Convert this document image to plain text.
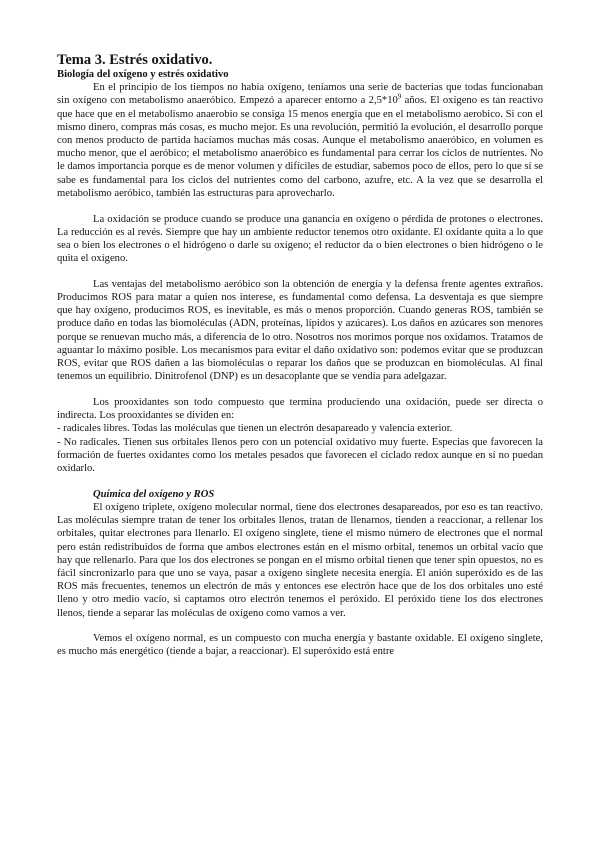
Tema 3. Estrés oxidativo.
Biología del oxígeno y estrés oxidativo

En el principio de los tiempos no había oxígeno, teníamos una serie de bacterias que todas funcionaban sin oxígeno con metabolismo anaeróbico. Empezó a aparecer entorno a $2,5*10^9$ años. El oxígeno es tan reactivo que hace que en el metabolismo anaerobio se consiga 15 menos energía que en el metabolismo aerobico. Si con el mismo dinero, compras más cosas, es mucho mejor. Es una revolución, permitió la evolución, el desarrollo porque con menos producto de partida hacíamos muchas más cosas. Aunque el metabolismo anaeróbico, en volumen es mucho menor, que el aeróbico; el metabolismo anaeróbico es fundamental para cerrar los ciclos de nutrientes. No le damos importancia porque es de menor volumen y difíciles de estudiar, sabemos poco de ellos, pero lo que sí se sabe es fundamental para los ciclos del nutrientes como del carbono, azufre, etc. A la vez que se desarrolla el metabolismo aeróbico, también las estructuras para aprovecharlo.

La oxidación se produce cuando se produce una ganancia en oxígeno o pérdida de protones o electrones. La reducción es al revés. Siempre que hay un ambiente reductor tenemos otro oxidante. El oxidante quita a lo que sea o bien los electrones o el hidrógeno o darle su oxígeno; el reductor da o bien electrones o bien hidrógeno o le quita el oxígeno.

Las ventajas del metabolismo aeróbico son la obtención de energía y la defensa frente agentes extraños. Producimos ROS para matar a quien nos interese, es fundamental como defensa. La desventaja es que siempre que hay oxígeno, producimos ROS, es inevitable, es más o menos proporción. Cuando generas ROS, también se produce daño en todas las biomoléculas (ADN, proteínas, lípidos y azúcares). Los daños en azúcares son menores porque se renuevan mucho más, a diferencia de lo otro. Nosotros nos morimos porque nos oxidamos. Tratamos de aguantar lo máximo posible. Los mecanismos para evitar el daño oxidativo son: podemos evitar que se produzcan ROS, evitar que ROS dañen a las biomoléculas o reparar los daños que se produzcan en biomoléculas. Al final tenemos un equilibrio. Dinitrofenol (DNP) es un desacoplante que se vendía para adelgazar.

Los prooxidantes son todo compuesto que termina produciendo una oxidación, puede ser directa o indirecta. Los prooxidantes se dividen en:

- radicales libres. Todas las moléculas que tienen un electrón desapareado y valencia exterior.

- No radicales. Tienen sus orbitales llenos pero con un potencial oxidativo muy fuerte. Especias que favorecen la formación de fuertes oxidantes como los metales pesados que favorecen el ciclado redox aunque en sí no puedan oxidarlo.

Química del oxígeno y ROS

El oxígeno triplete, oxígeno molecular normal, tiene dos electrones desapareados, por eso es tan reactivo. Las moléculas siempre tratan de tener los orbitales llenos, tratan de llenarnos, tienden a reaccionar, a rellenar los orbitales, quitar electrones para llenarlo. El oxígeno singlete, tiene el mismo número de electrones que el normal pero están redistribuidos de forma que ambos electrones están en el mismo orbital, tenemos un orbital vacío que hay que rellenarlo. Para que los dos electrones se pongan en el mismo orbital tienen que tener spin opuestos, no es fácil sincronizarlo para que uno se vaya, pasar a oxígeno singlete necesita energía. El anión superóxido es de las ROS más frecuentes, tenemos un electrón de más y entonces ese electrón hace que de los dos orbitales uno esté lleno y otro medio vacío, si captamos otro electrón tenemos el peróxido. El peróxido tiene los dos electrones llenos, tiende a separar las moléculas de oxígeno como vamos a ver.

Vemos el oxígeno normal, es un compuesto con mucha energía y bastante oxidable. El oxígeno singlete, es mucho más energético (tiende a bajar, a reaccionar). El superóxido está entre
